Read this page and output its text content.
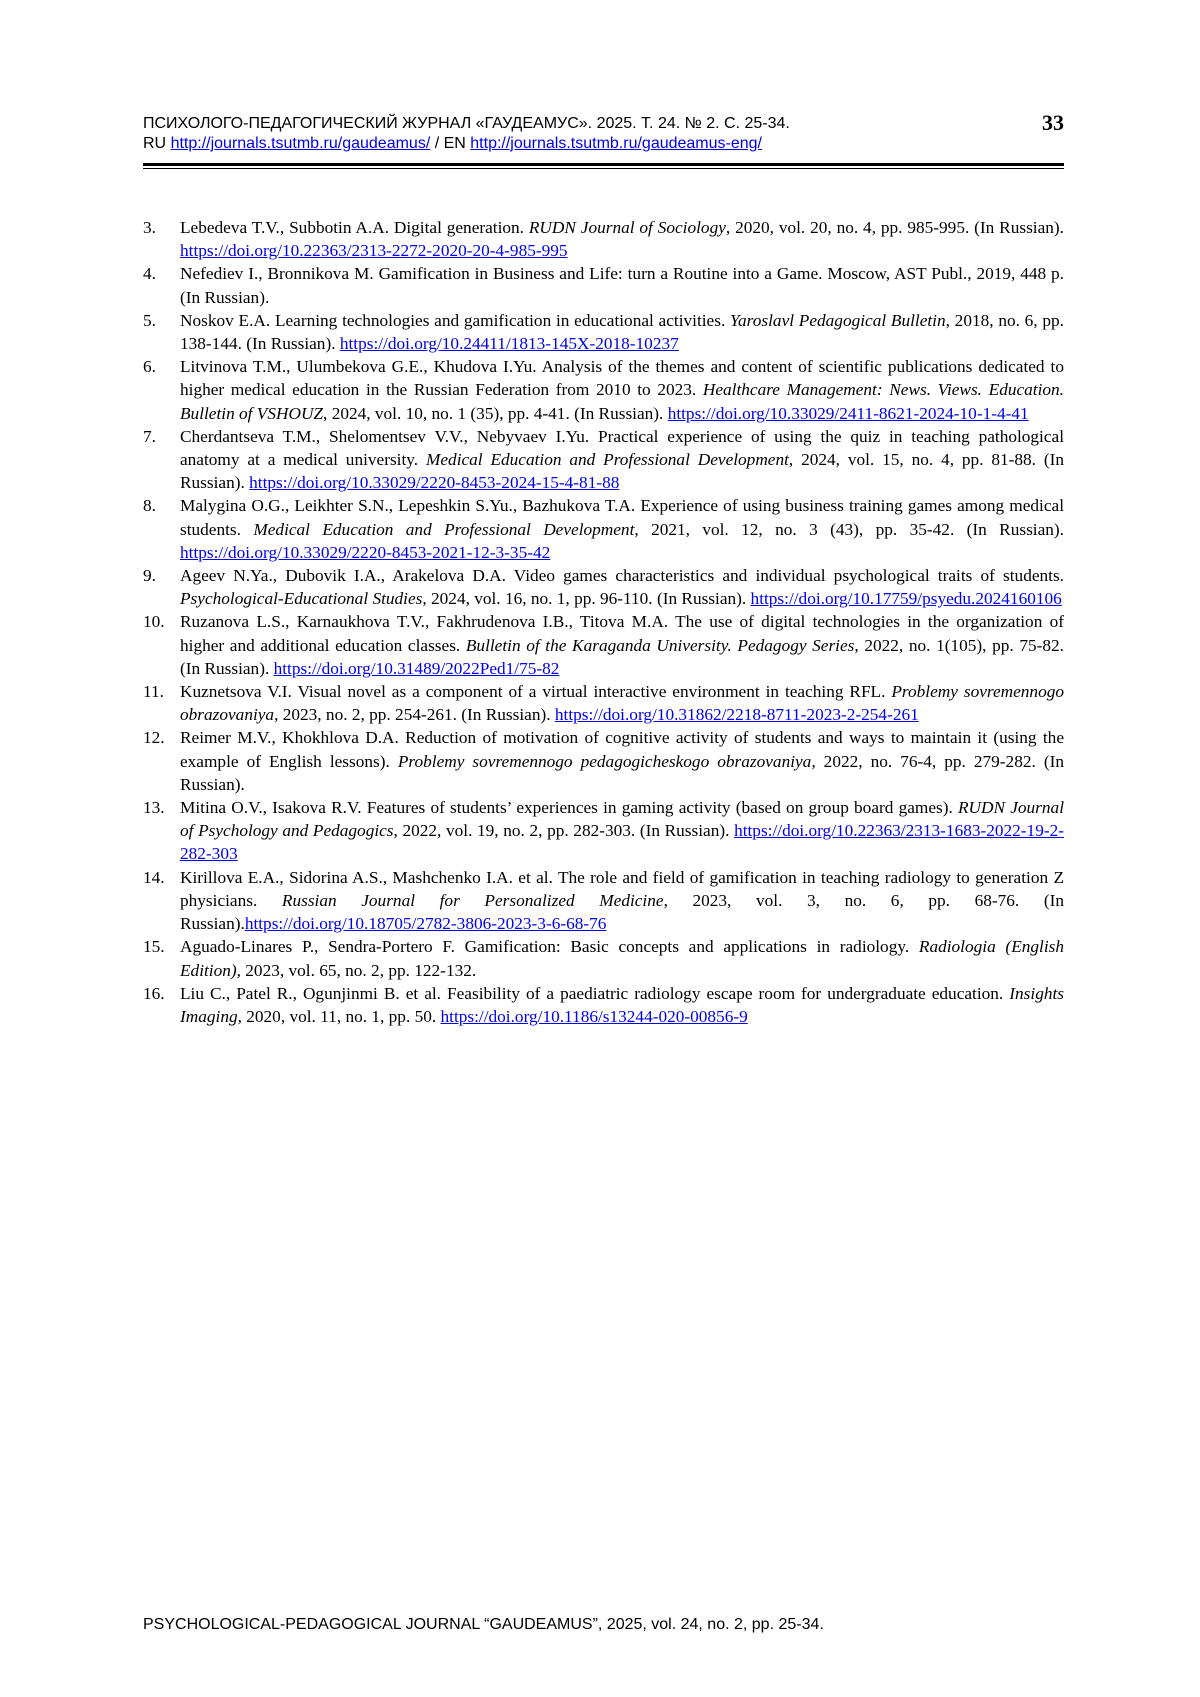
ПСИХОЛОГО-ПЕДАГОГИЧЕСКИЙ ЖУРНАЛ «ГАУДЕАМУС». 2025. Т. 24. № 2. С. 25-34.
RU http://journals.tsutmb.ru/gaudeamus/ / EN http://journals.tsutmb.ru/gaudeamus-eng/
33
3.	Lebedeva T.V., Subbotin A.A. Digital generation. RUDN Journal of Sociology, 2020, vol. 20, no. 4, pp. 985-995. (In Russian). https://doi.org/10.22363/2313-2272-2020-20-4-985-995
4.	Nefediev I., Bronnikova M. Gamification in Business and Life: turn a Routine into a Game. Moscow, AST Publ., 2019, 448 p. (In Russian).
5.	Noskov E.A. Learning technologies and gamification in educational activities. Yaroslavl Pedagogical Bulletin, 2018, no. 6, pp. 138-144. (In Russian). https://doi.org/10.24411/1813-145X-2018-10237
6.	Litvinova T.M., Ulumbekova G.E., Khudova I.Yu. Analysis of the themes and content of scientific publications dedicated to higher medical education in the Russian Federation from 2010 to 2023. Healthcare Management: News. Views. Education. Bulletin of VSHOUZ, 2024, vol. 10, no. 1 (35), pp. 4-41. (In Russian). https://doi.org/10.33029/2411-8621-2024-10-1-4-41
7.	Cherdantseva T.M., Shelomentsev V.V., Nebyvaev I.Yu. Practical experience of using the quiz in teaching pathological anatomy at a medical university. Medical Education and Professional Development, 2024, vol. 15, no. 4, pp. 81-88. (In Russian). https://doi.org/10.33029/2220-8453-2024-15-4-81-88
8.	Malygina O.G., Leikhter S.N., Lepeshkin S.Yu., Bazhukova T.A. Experience of using business training games among medical students. Medical Education and Professional Development, 2021, vol. 12, no. 3 (43), pp. 35-42. (In Russian). https://doi.org/10.33029/2220-8453-2021-12-3-35-42
9.	Ageev N.Ya., Dubovik I.A., Arakelova D.A. Video games characteristics and individual psychological traits of students. Psychological-Educational Studies, 2024, vol. 16, no. 1, pp. 96-110. (In Russian). https://doi.org/10.17759/psyedu.2024160106
10. Ruzanova L.S., Karnaukhova T.V., Fakhrudenova I.B., Titova M.A. The use of digital technologies in the organization of higher and additional education classes. Bulletin of the Karaganda University. Pedagogy Series, 2022, no. 1(105), pp. 75-82. (In Russian). https://doi.org/10.31489/2022Ped1/75-82
11. Kuznetsova V.I. Visual novel as a component of a virtual interactive environment in teaching RFL. Problemy sovremennogo obrazovaniya, 2023, no. 2, pp. 254-261. (In Russian). https://doi.org/10.31862/2218-8711-2023-2-254-261
12. Reimer M.V., Khokhlova D.A. Reduction of motivation of cognitive activity of students and ways to maintain it (using the example of English lessons). Problemy sovremennogo pedagogicheskogo obrazovaniya, 2022, no. 76-4, pp. 279-282. (In Russian).
13. Mitina O.V., Isakova R.V. Features of students’ experiences in gaming activity (based on group board games). RUDN Journal of Psychology and Pedagogics, 2022, vol. 19, no. 2, pp. 282-303. (In Russian). https://doi.org/10.22363/2313-1683-2022-19-2-282-303
14. Kirillova E.A., Sidorina A.S., Mashchenko I.A. et al. The role and field of gamification in teaching radiology to generation Z physicians. Russian Journal for Personalized Medicine, 2023, vol. 3, no. 6, pp. 68-76. (In Russian).https://doi.org/10.18705/2782-3806-2023-3-6-68-76
15. Aguado-Linares P., Sendra-Portero F. Gamification: Basic concepts and applications in radiology. Radiologia (English Edition), 2023, vol. 65, no. 2, pp. 122-132.
16. Liu C., Patel R., Ogunjinmi B. et al. Feasibility of a paediatric radiology escape room for undergraduate education. Insights Imaging, 2020, vol. 11, no. 1, pp. 50. https://doi.org/10.1186/s13244-020-00856-9
PSYCHOLOGICAL-PEDAGOGICAL JOURNAL “GAUDEAMUS”, 2025, vol. 24, no. 2, pp. 25-34.
